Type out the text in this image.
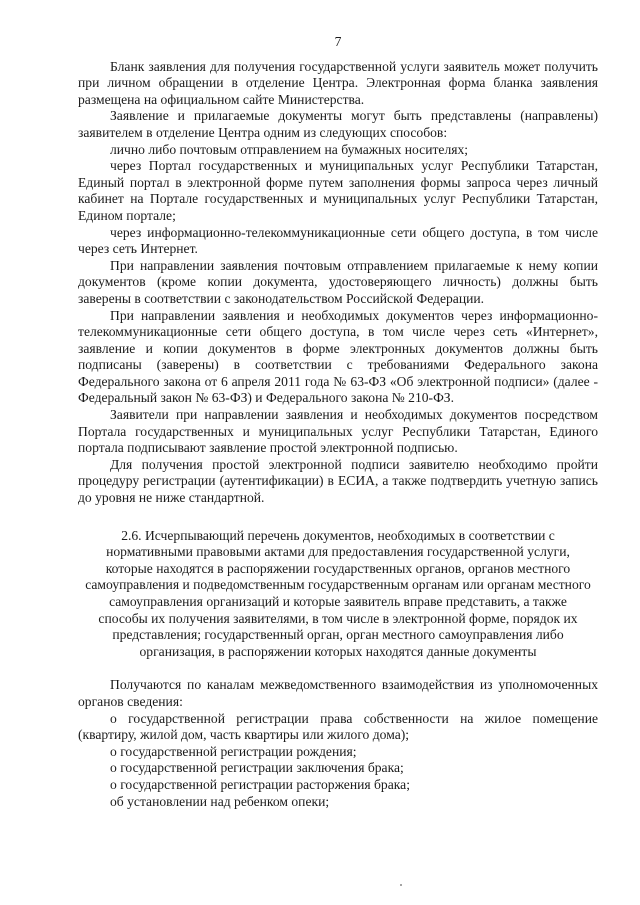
7

Бланк заявления для получения государственной услуги заявитель может получить при личном обращении в отделение Центра. Электронная форма бланка заявления размещена на официальном сайте Министерства.

Заявление и прилагаемые документы могут быть представлены (направлены) заявителем в отделение Центра одним из следующих способов:

лично либо почтовым отправлением на бумажных носителях;

через Портал государственных и муниципальных услуг Республики Татарстан, Единый портал в электронной форме путем заполнения формы запроса через личный кабинет на Портале государственных и муниципальных услуг Республики Татарстан, Едином портале;

через информационно-телекоммуникационные сети общего доступа, в том числе через сеть Интернет.

При направлении заявления почтовым отправлением прилагаемые к нему копии документов (кроме копии документа, удостоверяющего личность) должны быть заверены в соответствии с законодательством Российской Федерации.

При направлении заявления и необходимых документов через информационно-телекоммуникационные сети общего доступа, в том числе через сеть «Интернет», заявление и копии документов в форме электронных документов должны быть подписаны (заверены) в соответствии с требованиями Федерального закона Федерального закона от 6 апреля 2011 года № 63-ФЗ «Об электронной подписи» (далее - Федеральный закон № 63-ФЗ) и Федерального закона № 210-ФЗ.

Заявители при направлении заявления и необходимых документов посредством Портала государственных и муниципальных услуг Республики Татарстан, Единого портала подписывают заявление простой электронной подписью.

Для получения простой электронной подписи заявителю необходимо пройти процедуру регистрации (аутентификации) в ЕСИА, а также подтвердить учетную запись до уровня не ниже стандартной.

2.6. Исчерпывающий перечень документов, необходимых в соответствии с нормативными правовыми актами для предоставления государственной услуги, которые находятся в распоряжении государственных органов, органов местного самоуправления и подведомственным государственным органам или органам местного самоуправления организаций и которые заявитель вправе представить, а также способы их получения заявителями, в том числе в электронной форме, порядок их представления; государственный орган, орган местного самоуправления либо организация, в распоряжении которых находятся данные документы

Получаются по каналам межведомственного взаимодействия из уполномоченных органов сведения:

о государственной регистрации права собственности на жилое помещение (квартиру, жилой дом, часть квартиры или жилого дома);

о государственной регистрации рождения;

о государственной регистрации заключения брака;

о государственной регистрации расторжения брака;

об установлении над ребенком опеки;
